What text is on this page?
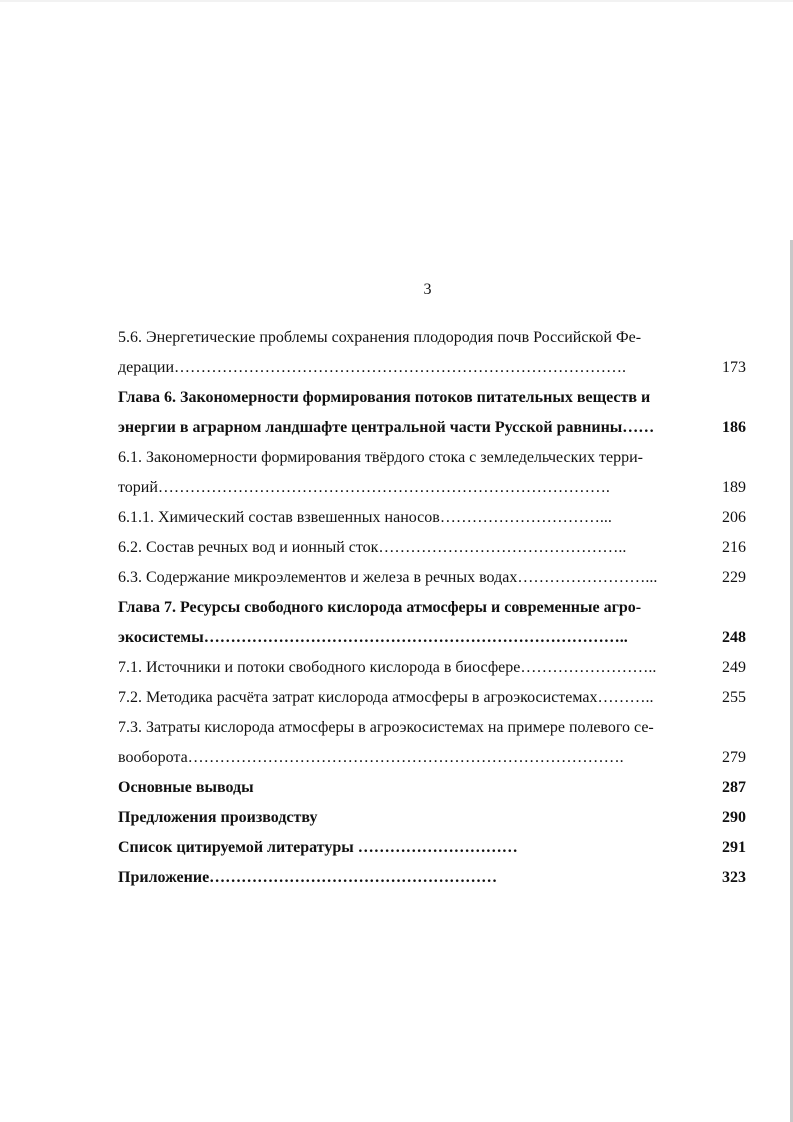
3
5.6. Энергетические проблемы сохранения плодородия почв Российской Фе-
дерации………………………………………………………………………….	173
Глава 6. Закономерности формирования потоков питательных веществ и
энергии в аграрном ландшафте центральной части Русской равнины……	186
6.1. Закономерности формирования твёрдого стока с земледельческих терри-
торий………………………………………………………………………….	189
6.1.1. Химический состав взвешенных наносов…………………………...	206
6.2. Состав речных вод и ионный сток………………………………………..	216
6.3. Содержание микроэлементов и железа в речных водах……………………...	229
Глава 7. Ресурсы свободного кислорода атмосферы и современные агро-
экосистемы……………………………………………………………………..	248
7.1. Источники и потоки свободного кислорода в биосфере……………………..	249
7.2. Методика расчёта затрат кислорода атмосферы в агроэкосистемах………..	255
7.3. Затраты кислорода атмосферы в агроэкосистемах на примере полевого се-
вооборота……………………………………………………………………….	279
Основные выводы	287
Предложения производству	290
Список цитируемой литературы …………………………	291
Приложение………………………………………………	323
